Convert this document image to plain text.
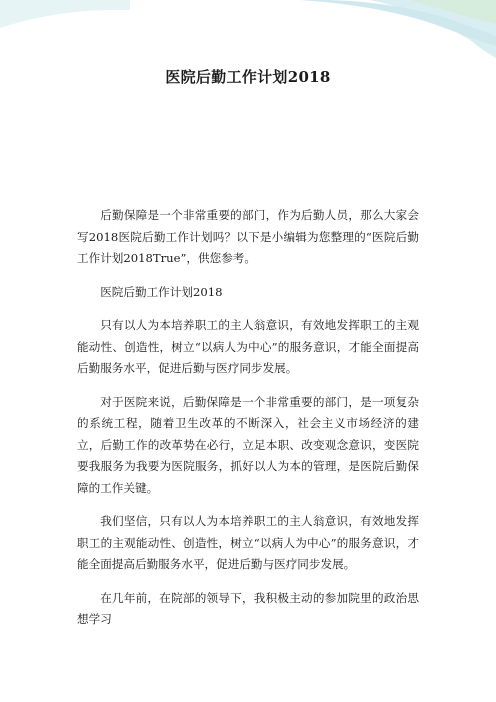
医院后勤工作计划2018

后勤保障是一个非常重要的部门，作为后勤人员，那么大家会写2018医院后勤工作计划吗？以下是小编辑为您整理的“医院后勤工作计划2018True”，供您参考。

医院后勤工作计划2018

只有以人为本培养职工的主人翁意识，有效地发挥职工的主观能动性、创造性，树立“以病人为中心”的服务意识，才能全面提高后勤服务水平，促进后勤与医疗同步发展。

对于医院来说，后勤保障是一个非常重要的部门，是一项复杂的系统工程，随着卫生改革的不断深入，社会主义市场经济的建立，后勤工作的改革势在必行，立足本职、改变观念意识，变医院要我服务为我要为医院服务，抓好以人为本的管理，是医院后勤保障的工作关键。

我们坚信，只有以人为本培养职工的主人翁意识，有效地发挥职工的主观能动性、创造性，树立“以病人为中心”的服务意识，才能全面提高后勤服务水平，促进后勤与医疗同步发展。

在几年前，在院部的领导下，我积极主动的参加院里的政治思想学习
